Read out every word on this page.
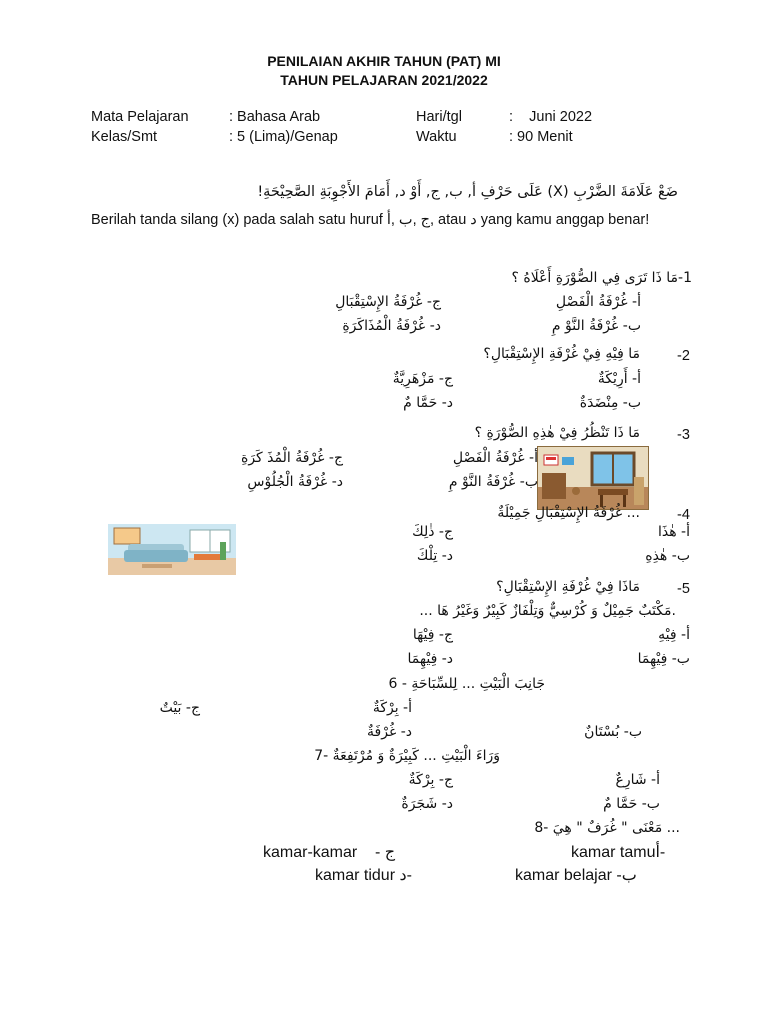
PENILAIAN AKHIR TAHUN (PAT) MI
TAHUN PELAJARAN 2021/2022
Mata Pelajaran	: Bahasa Arab	Hari/tgl	:    Juni 2022
Kelas/Smt	: 5 (Lima)/Genap	Waktu	: 90 Menit
ضَعْ عَلَامَةَ الضَّرْبِ (X) عَلَى حَرْفِ أ, ب, ج, أَوْ د, أَمَامَ الأَجْوِبَةِ الصَّحِيْحَةِ!
Berilah tanda silang (x) pada salah satu huruf ج ,ب ,أ, atau د yang kamu anggap benar!
1-مَا ذَا تَرَى فِي الصُّوْرَةِ أَعْلَاهُ ؟
أ- غُرْفَةُ الْفَصْلِ
ج- غُرْفَةُ الإِسْتِقْبَالِ
ب- غُرْفَةُ النَّوْ مِ
د- غُرْفَةُ الْمُذَاكَرَةِ
-2
مَا فِيْهِ فِيْ غُرْفَةِ الإِسْتِقْبَالِ؟
أ- أَرِيْكَةٌ
ج- مَزْهَرِيَّةٌ
ب- مِنْضَدَةٌ
د- حَمَّا مٌ
-3
مَا ذَا تَنْظُرُ فِيْ هٰذِهِ الصُّوْرَةِ ؟
أ- غُرْفَةُ الْفَصْلِ
ج- غُرْفَةُ الْمُذَ كَرَةِ
ب- غُرْفَةُ النَّوْ مِ
د- غُرْفَةُ الْجُلُوْسِ
-4
... غُرْفَةُ الإِسْتِقْبَالِ جَمِيْلَةٌ
أ- هٰذَا
ج- ذٰلِكَ
ب- هٰذِهِ
د- تِلْكَ
-5
مَاذَا فِيْ غُرْفَةِ الإِسْتِقْبَالِ؟
.مَكْتَبٌ جَمِيْلٌ وَ كُرْسِيٌّ وَتِلْفَازٌ كَبِيْرٌ وَغَيْرُ هَا ...
أ- فِيْهِ
ج- فِيْهَا
ب- فِيْهِمَا
د- فِيْهِمَا
جَانِبَ الْبَيْتِ ... لِلسِّبَاحَةِ - 6
أ- بِرْكَةٌ
ج- بَيْتٌ
ب- بُسْتَانٌ
د- غُرْفَةٌ
وَرَاءَ الْبَيْتِ ... كَبِيْرَةٌ وَ مُرْتَفِعَةٌ -7
أ- شَارِعٌ
ج- بِرْكَةٌ
ب- حَمَّا مٌ
د- شَجَرَةٌ
... مَعْنَى " غُرَفٌ " هِيَ -8
kamar tamuأ-
kamar-kamar    - ج
kamar belajar -ب
kamar tidur د-
